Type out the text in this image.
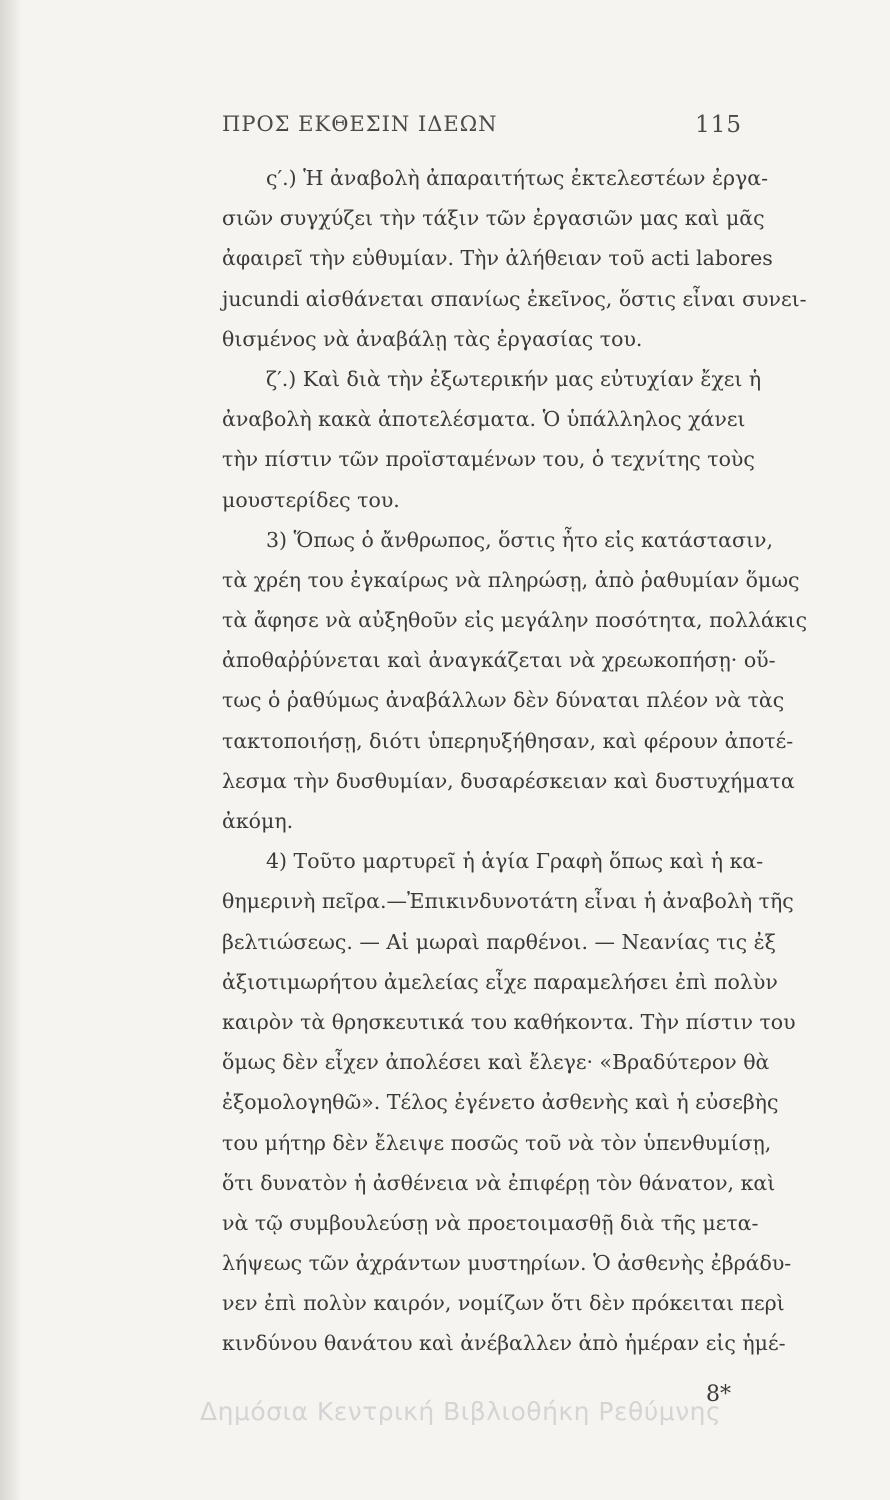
ΠΡΟΣ ΕΚΘΕΣΙΝ ΙΔΕΩΝ	115
ς′.) Ἡ ἀναβολὴ ἀπαραιτήτως ἐκτελεστέων ἐργα-
σιῶν συγχύζει τὴν τάξιν τῶν ἐργασιῶν μας καὶ μᾶς
ἀφαιρεῖ τὴν εὐθυμίαν. Τὴν ἀλήθειαν τοῦ acti labores
jucundi αἰσθάνεται σπανίως ἐκεῖνος, ὅστις εἶναι συνει-
θισμένος νὰ ἀναβάλῃ τὰς ἐργασίας του.
ζ′.) Καὶ διὰ τὴν ἐξωτερικήν μας εὐτυχίαν ἔχει ἡ
ἀναβολὴ κακὰ ἀποτελέσματα. Ὁ ὑπάλληλος χάνει
τὴν πίστιν τῶν προϊσταμένων του, ὁ τεχνίτης τοὺς
μουστερίδες του.
3) Ὅπως ὁ ἄνθρωπος, ὅστις ἦτο εἰς κατάστασιν,
τὰ χρέη του ἐγκαίρως νὰ πληρώσῃ, ἀπὸ ῥαθυμίαν ὅμως
τὰ ἄφησε νὰ αὐξηθοῦν εἰς μεγάλην ποσότητα, πολλάκις
ἀποθαῤῥύνεται καὶ ἀναγκάζεται νὰ χρεωκοπήσῃ· οὕ-
τως ὁ ῥαθύμως ἀναβάλλων δὲν δύναται πλέον νὰ τὰς
τακτοποιήσῃ, διότι ὑπερηυξήθησαν, καὶ φέρουν ἀποτέ-
λεσμα τὴν δυσθυμίαν, δυσαρέσκειαν καὶ δυστυχήματα
ἀκόμη.
4) Τοῦτο μαρτυρεῖ ἡ ἁγία Γραφὴ ὅπως καὶ ἡ κα-
θημερινὴ πεῖρα.—Ἐπικινδυνοτάτη εἶναι ἡ ἀναβολὴ τῆς
βελτιώσεως. — Αἱ μωραὶ παρθένοι. — Νεανίας τις ἐξ
ἀξιοτιμωρήτου ἀμελείας εἶχε παραμελήσει ἐπὶ πολὺν
καιρὸν τὰ θρησκευτικά του καθήκοντα. Τὴν πίστιν του
ὅμως δὲν εἶχεν ἀπολέσει καὶ ἔλεγε· «Βραδύτερον θὰ
ἐξομολογηθῶ». Τέλος ἐγένετο ἀσθενὴς καὶ ἡ εὐσεβὴς
του μήτηρ δὲν ἔλειψε ποσῶς τοῦ νὰ τὸν ὑπενθυμίσῃ,
ὅτι δυνατὸν ἡ ἀσθένεια νὰ ἐπιφέρῃ τὸν θάνατον, καὶ
νὰ τῷ συμβουλεύσῃ νὰ προετοιμασθῇ διὰ τῆς μετα-
λήψεως τῶν ἀχράντων μυστηρίων. Ὁ ἀσθενὴς ἐβράδυ-
νεν ἐπὶ πολὺν καιρόν, νομίζων ὅτι δὲν πρόκειται περὶ
κινδύνου θανάτου καὶ ἀνέβαλλεν ἀπὸ ἡμέραν εἰς ἡμέ-
8*
Δημόσια Κεντρική Βιβλιοθήκη Ρεθύμνης
